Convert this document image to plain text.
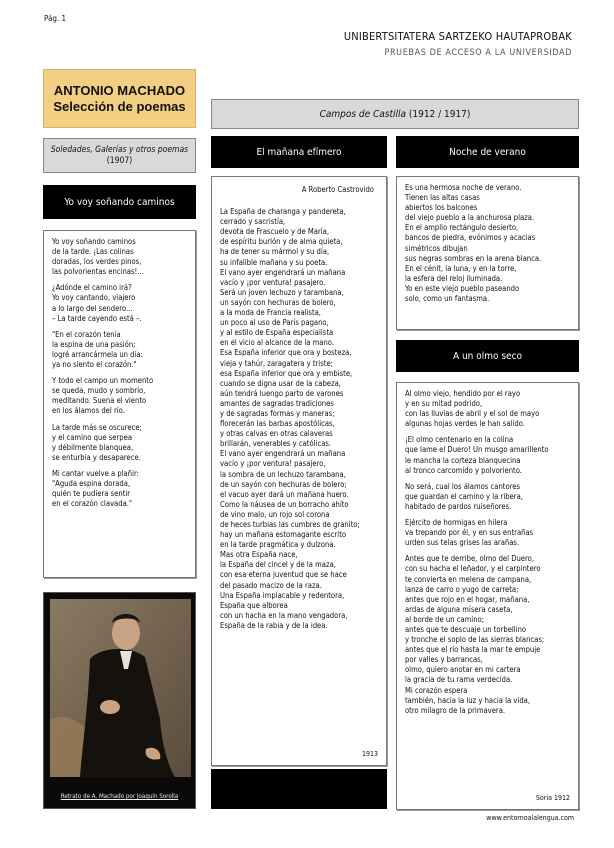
Pág. 1
UNIBERTSITATERA SARTZEKO HAUTAPROBAK
PRUEBAS DE ACCESO A LA UNIVERSIDAD
ANTONIO MACHADO
Selección de poemas
Campos de Castilla (1912 / 1917)
Soledades, Galerías y otros poemas
(1907)
El mañana efímero	Noche de verano
Yo voy soñando caminos

Yo voy soñando caminos
de la tarde. ¡Las colinas
doradas, los verdes pinos,
las polvorientas encinas!...

¿Adónde el camino irá?
Yo voy cantando, viajero
a lo largo del sendero...
– La tarde cayendo está –.

"En el corazón tenía
la espina de una pasión;
logré arrancármela un día:
ya no siento el corazón."

Y todo el campo un momento
se queda, mudo y sombrío,
meditando. Suena el viento
en los álamos del río.

La tarde más se oscurece;
y el camino que serpea
y débilmente blanquea,
se enturbia y desaparece.

Mi cantar vuelve a plañir:
"Aguda espina dorada,
quién te pudiera sentir
en el corazón clavada."

A Roberto Castrovido
La España de charanga y pandereta,
cerrado y sacristía,
devota de Frascuelo y de María,
de espíritu burlón y de alma quieta,
ha de tener su mármol y su día,
su infalible mañana y su poeta.
El vano ayer engendrará un mañana
vacío y ¡por ventura! pasajero.
Será un joven lechuzo y tarambana,
un sayón con hechuras de bolero,
a la moda de Francia realista,
un poco al uso de París pagano,
y al estilo de España especialista
en el vicio al alcance de la mano.
Esa España inferior que ora y bosteza,
vieja y tahúr, zaragatera y triste;
esa España inferior que ora y embiste,
cuando se digna usar de la cabeza,
aún tendrá luengo parto de varones
amantes de sagradas tradiciones
y de sagradas formas y maneras;
florecerán las barbas apostólicas,
y otras calvas en otras calaveras
brillarán, venerables y católicas.
El vano ayer engendrará un mañana
vacío y ¡por ventura! pasajero,
la sombra de un lechuzo tarambana,
de un sayón con hechuras de bolero;
el vacuo ayer dará un mañana huero.
Como la náusea de un borracho ahíto
de vino malo, un rojo sol corona
de heces turbias las cumbres de granito;
hay un mañana estomagante escrito
en la tarde pragmática y dulzona.
Mas otra España nace,
la España del cincel y de la maza,
con esa eterna juventud que se hace
del pasado macizo de la raza.
Una España implacable y redentora,
España que alborea
con un hacha en la mano vengadora,
España de la rabia y de la idea.
1913
Es una hermosa noche de verano.
Tienen las altas casas
abiertos los balcones
del viejo pueblo a la anchurosa plaza.
En el amplio rectángulo desierto,
bancos de piedra, evónimos y acacias
simétricos dibujan
sus negras sombras en la arena blanca.
En el cénit, la luna, y en la torre,
la esfera del reloj iluminada.
Yo en este viejo pueblo paseando
solo, como un fantasma.
A un olmo seco

Al olmo viejo, hendido por el rayo
y en su mitad podrido,
con las lluvias de abril y el sol de mayo
algunas hojas verdes le han salido.

¡El olmo centenario en la colina
que lame el Duero! Un musgo amarillento
le mancha la corteza blanquecina
al tronco carcomido y polvoriento.

No será, cual los álamos cantores
que guardan el camino y la ribera,
habitado de pardos ruiseñores.

Ejército de hormigas en hilera
va trepando por él, y en sus entrañas
urden sus telas grises las arañas.

Antes que te derribe, olmo del Duero,
con su hacha el leñador, y el carpintero
te convierta en melena de campana,
lanza de carro o yugo de carreta;
antes que rojo en el hogar, mañana,
ardas de alguna mísera caseta,
al borde de un camino;
antes que te descuaje un torbellino
y tronche el soplo de las sierras blancas;
antes que el río hasta la mar te empuje
por valles y barrancas,
olmo, quiero anotar en mi cartera
la gracia de tu rama verdecida.
Mi corazón espera
también, hacia la luz y hacia la vida,
otro milagro de la primavera.

Soria 1912
Retrato de A. Machado por Joaquín Sorolla
www.entornoalalengua.com
